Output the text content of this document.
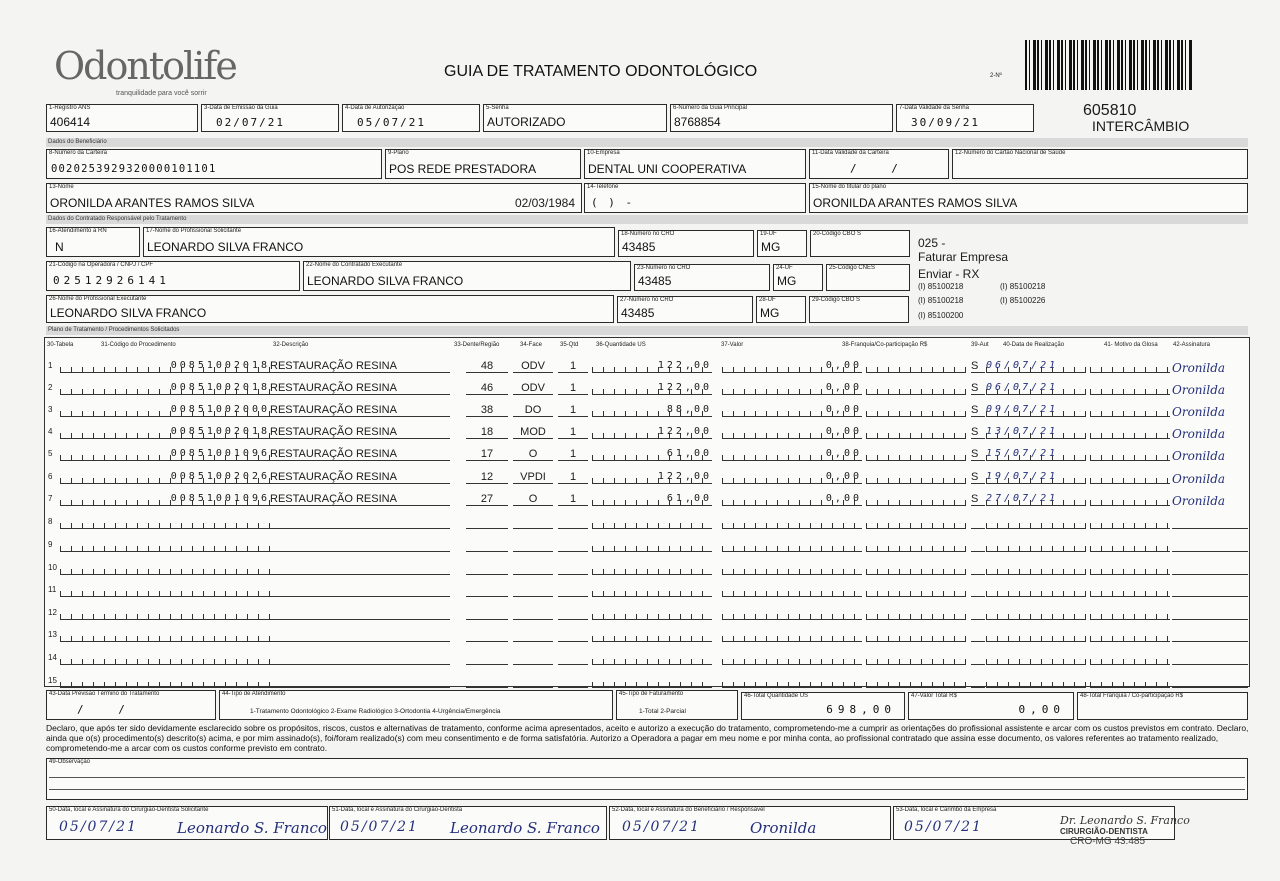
Odontolife
tranquilidade para você sorrir
GUIA DE TRATAMENTO ODONTOLÓGICO	2-Nº
605810
INTERCÂMBIO
1-Registro ANS
406414
3-Data de Emissão da Guia
02/07/21
4-Data de Autorização
05/07/21
5-Senha
AUTORIZADO
6-Número da Guia Principal
8768854
7-Data Validade da Senha
30/09/21
Dados do Beneficiário
8-Número da Carteira
0020253929320000101101
9-Plano
POS REDE PRESTADORA
10-Empresa
DENTAL UNI COOPERATIVA
11-Data Validade da Carteira
/ /
12-Número do Cartão Nacional de Saúde
13-Nome
ORONILDA ARANTES RAMOS SILVA	02/03/1984
14-Telefone
( ) -
15-Nome do titular do plano
ORONILDA ARANTES RAMOS SILVA
Dados do Contratado Responsável pelo Tratamento
16-Atendimento a RN
N
17-Nome do Profissional Solicitante
LEONARDO SILVA FRANCO
18-Número no CRO
43485
19-UF
MG
20-Código CBO S
21-Código na Operadora / CNPJ / CPF
02512926141
22-Nome do Contratado Executante
LEONARDO SILVA FRANCO
23-Número no CRO
43485
24-UF
MG
25-Código CNES
26-Nome do Profissional Executante
LEONARDO SILVA FRANCO
27-Número no CRO
43485
28-UF
MG
29-Código CBO S
025 -
Faturar Empresa
Enviar - RX
(I) 85100218	(I) 85100218
(I) 85100218	(I) 85100226
(I) 85100200
Plano de Tratamento / Procedimentos Solicitados
30-Tabela	31-Código do Procedimento	32-Descrição	33-Dente/Região	34-Face	35-Qtd	36-Quantidade US	37-Valor	38-Franquia/Co-participação R$	39-Aut 40-Data de Realização	41- Motivo da Glosa	42-Assinatura
1	00851002018 RESTAURAÇÃO RESINA	48	ODV	1	122,00	0,00	S 06/07/21	Oronilda
2	00851002018 RESTAURAÇÃO RESINA	46	ODV	1	122,00	0,00	S 06/07/21	Oronilda
3	00851002000 RESTAURAÇÃO RESINA	38	DO	1	88,00	0,00	S 09/07/21	Oronilda
4	00851002018 RESTAURAÇÃO RESINA	18	MOD	1	122,00	0,00	S 13/07/21	Oronilda
5	00851001096 RESTAURAÇÃO RESINA	17	O	1	61,00	0,00	S 15/07/21	Oronilda
6	00851002026 RESTAURAÇÃO RESINA	12	VPDI	1	122,00	0,00	S 19/07/21	Oronilda
7	00851001096 RESTAURAÇÃO RESINA	27	O	1	61,00	0,00	S 27/07/21	Oronilda
8
9
10
11
12
13
14
15
43-Data Previsão Término do Tratamento
/ /
44-Tipo de Atendimento
1-Tratamento Odontológico 2-Exame Radiológico 3-Ortodontia 4-Urgência/Emergência
45-Tipo de Faturamento
1-Total 2-Parcial
46-Total Quantidade US
698,00
47-Valor Total R$
0,00
48-Total Franquia / Co-participação R$
Declaro, que após ter sido devidamente esclarecido sobre os propósitos, riscos, custos e alternativas de tratamento, conforme acima apresentados, aceito e autorizo a execução do tratamento, comprometendo-me a cumprir as orientações do profissional assistente e arcar com os custos previstos em contrato. Declaro, ainda que o(s) procedimento(s) descrito(s) acima, e por mim assinado(s), foi/foram realizado(s) com meu consentimento e de forma satisfatória. Autorizo a Operadora a pagar em meu nome e por minha conta, ao profissional contratado que assina esse documento, os valores referentes ao tratamento realizado, comprometendo-me a arcar com os custos conforme previsto em contrato.
49-Observação
50-Data, local e Assinatura do Cirurgião-Dentista Solicitante
05/07/21	Leonardo S. Franco
51-Data, local e Assinatura do Cirurgião-Dentista
05/07/21 Leonardo S. Franco
52-Data, local e Assinatura do Beneficiário / Responsável
05/07/21	Oronilda
53-Data, local e Carimbo da Empresa
05/07/21	Dr. Leonardo S. Franco
CIRURGIÃO-DENTISTA
CRO-MG 43.485
